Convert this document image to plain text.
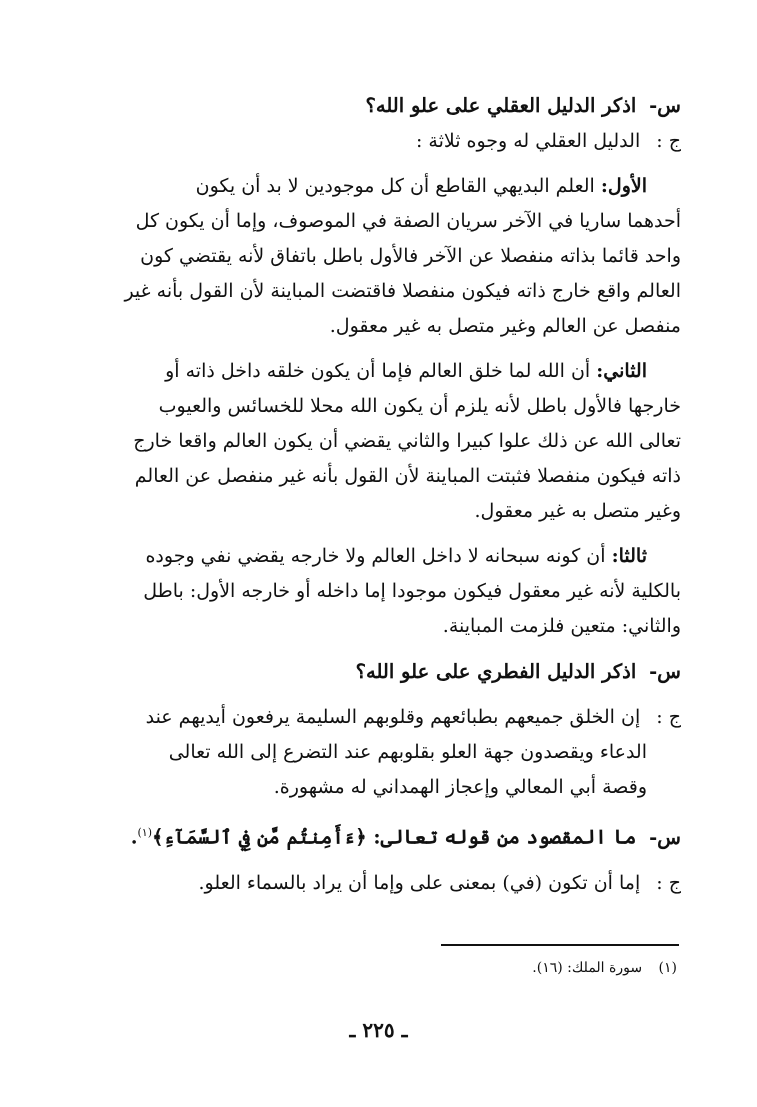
س- اذكر الدليل العقلي على علو الله؟

ج : الدليل العقلي له وجوه ثلاثة :

الأول: العلم البديهي القاطع أن كل موجودين لا بد أن يكون

أحدهما ساريا في الآخر سريان الصفة في الموصوف، وإما أن يكون كل

واحد قائما بذاته منفصلا عن الآخر فالأول باطل باتفاق لأنه يقتضي كون

العالم واقع خارج ذاته فيكون منفصلا فاقتضت المباينة لأن القول بأنه غير

منفصل عن العالم وغير متصل به غير معقول.

الثاني: أن الله لما خلق العالم فإما أن يكون خلقه داخل ذاته أو

خارجها فالأول باطل لأنه يلزم أن يكون الله محلا للخسائس والعيوب

تعالى الله عن ذلك علوا كبيرا والثاني يقضي أن يكون العالم واقعا خارج

ذاته فيكون منفصلا فثبتت المباينة لأن القول بأنه غير منفصل عن العالم

وغير متصل به غير معقول.

ثالثا: أن كونه سبحانه لا داخل العالم ولا خارجه يقضي نفي وجوده

بالكلية لأنه غير معقول فيكون موجودا إما داخله أو خارجه الأول: باطل

والثاني: متعين فلزمت المباينة.

س- اذكر الدليل الفطري على علو الله؟

ج : إن الخلق جميعهم بطبائعهم وقلوبهم السليمة يرفعون أيديهم عند

الدعاء ويقصدون جهة العلو بقلوبهم عند التضرع إلى الله تعالى

وقصة أبي المعالي وإعجاز الهمداني له مشهورة.

س- ما المقصود من قوله تعالى: ﴿ءَأَمِنتُم مَّن فِي ٱلسَّمَآءِ﴾$^{(١)}$.

ج : إما أن تكون (في) بمعنى على وإما أن يراد بالسماء العلو.

(١) سورة الملك: (١٦).
ـ ٢٢٥ ـ
